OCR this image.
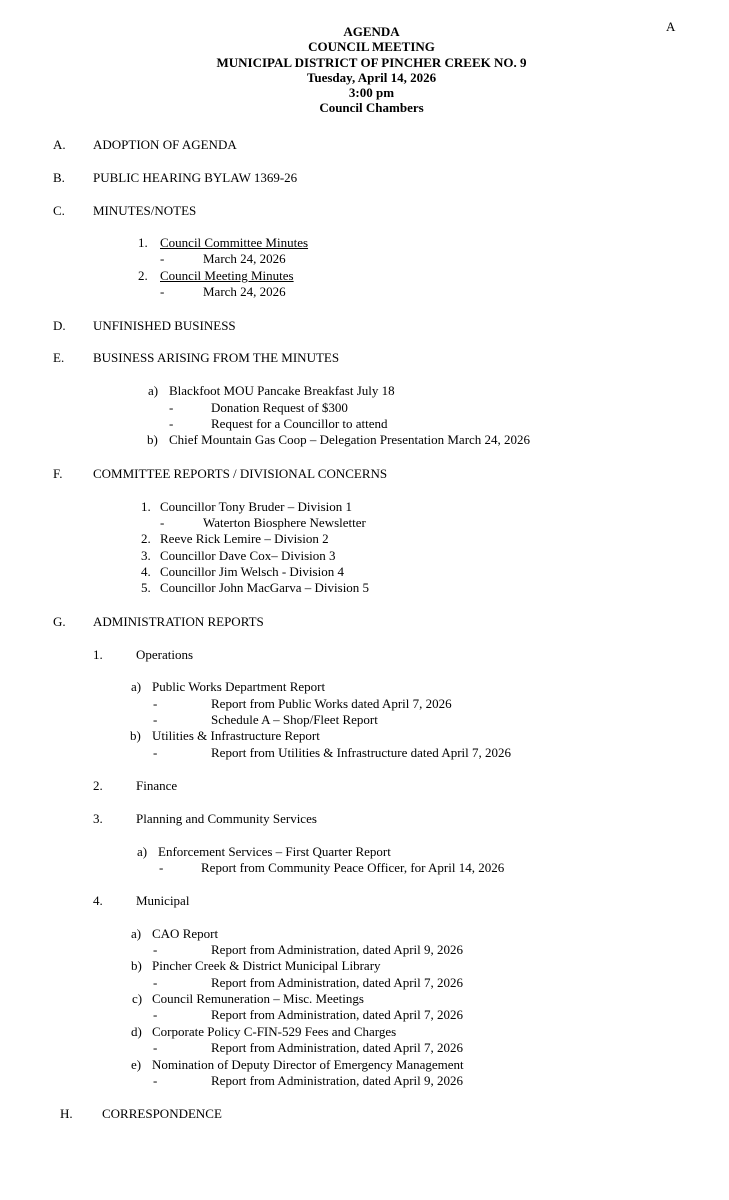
A
AGENDA
COUNCIL MEETING
MUNICIPAL DISTRICT OF PINCHER CREEK NO. 9
Tuesday, April 14, 2026
3:00 pm
Council Chambers
A. ADOPTION OF AGENDA
B. PUBLIC HEARING BYLAW 1369-26
C. MINUTES/NOTES
1. Council Committee Minutes
-	March 24, 2026
2. Council Meeting Minutes
-	March 24, 2026
D. UNFINISHED BUSINESS
E. BUSINESS ARISING FROM THE MINUTES
a) Blackfoot MOU Pancake Breakfast July 18
-	Donation Request of $300
-	Request for a Councillor to attend
b) Chief Mountain Gas Coop – Delegation Presentation March 24, 2026
F. COMMITTEE REPORTS / DIVISIONAL CONCERNS
1. Councillor Tony Bruder – Division 1
-	Waterton Biosphere Newsletter
2. Reeve Rick Lemire – Division 2
3. Councillor Dave Cox– Division 3
4. Councillor Jim Welsch - Division 4
5. Councillor John MacGarva – Division 5
G. ADMINISTRATION REPORTS
1.	Operations
a) Public Works Department Report
-	Report from Public Works dated April 7, 2026
-	Schedule A – Shop/Fleet Report
b) Utilities & Infrastructure Report
-	Report from Utilities & Infrastructure dated April 7, 2026
2.	Finance
3.	Planning and Community Services
a) Enforcement Services – First Quarter Report
-	Report from Community Peace Officer, for April 14, 2026
4.	Municipal
a) CAO Report
-	Report from Administration, dated April 9, 2026
b) Pincher Creek & District Municipal Library
-	Report from Administration, dated April 7, 2026
c) Council Remuneration – Misc. Meetings
-	Report from Administration, dated April 7, 2026
d) Corporate Policy C-FIN-529 Fees and Charges
-	Report from Administration, dated April 7, 2026
e) Nomination of Deputy Director of Emergency Management
-	Report from Administration, dated April 9, 2026
H. CORRESPONDENCE
